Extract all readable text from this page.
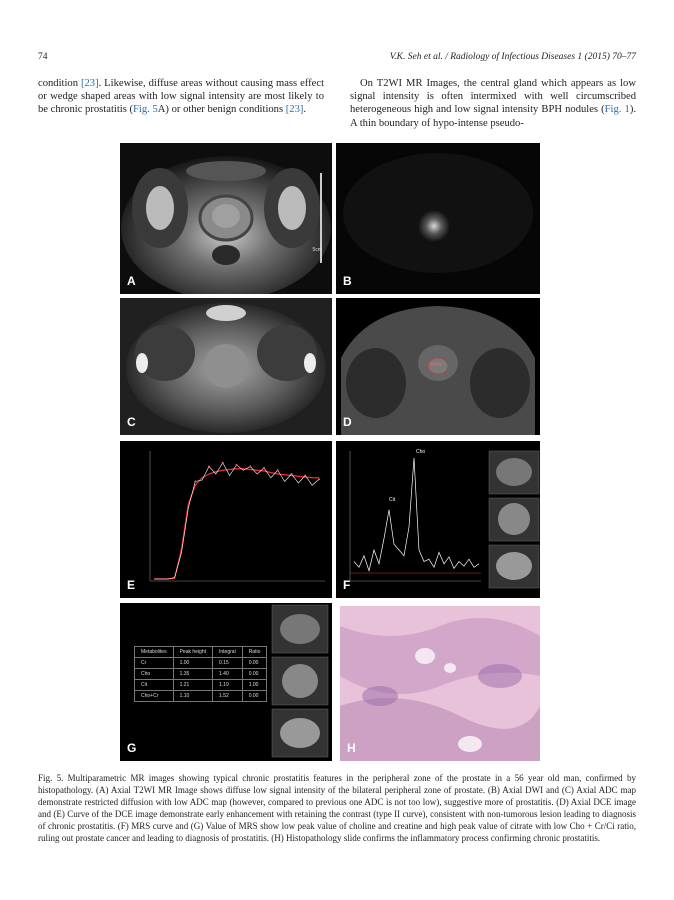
74	V.K. Seh et al. / Radiology of Infectious Diseases 1 (2015) 70–77
condition [23]. Likewise, diffuse areas without causing mass effect or wedge shaped areas with low signal intensity are most likely to be chronic prostatitis (Fig. 5A) or other benign conditions [23].
On T2WI MR Images, the central gland which appears as low signal intensity is often intermixed with well circumscribed heterogeneous high and low signal intensity BPH nodules (Fig. 1). A thin boundary of hypo-intense pseudo-
5cm
A	B
C
7mm
D
E
Cit
Cho
F
Metabolites	Peak height	Integral	Ratio
Cr	1.00	0.15	0.00
Cho	1.35	1.40	0.00
Cit	1.21	1.19	1.00
Cho+Cr	1.10	1.52	0.00
G	H
Fig. 5. Multiparametric MR images showing typical chronic prostatitis features in the peripheral zone of the prostate in a 56 year old man, confirmed by histopathology. (A) Axial T2WI MR Image shows diffuse low signal intensity of the bilateral peripheral zone of prostate. (B) Axial DWI and (C) Axial ADC map demonstrate restricted diffusion with low ADC map (however, compared to previous one ADC is not too low), suggestive more of prostatitis. (D) Axial DCE image and (E) Curve of the DCE image demonstrate early enhancement with retaining the contrast (type II curve), consistent with non-tumorous lesion leading to diagnosis of chronic prostatitis. (F) MRS curve and (G) Value of MRS show low peak value of choline and creatine and high peak value of citrate with low Cho + Cr/Ci ratio, ruling out prostate cancer and leading to diagnosis of prostatitis. (H) Histopathology slide confirms the inflammatory process confirming chronic prostatitis.
